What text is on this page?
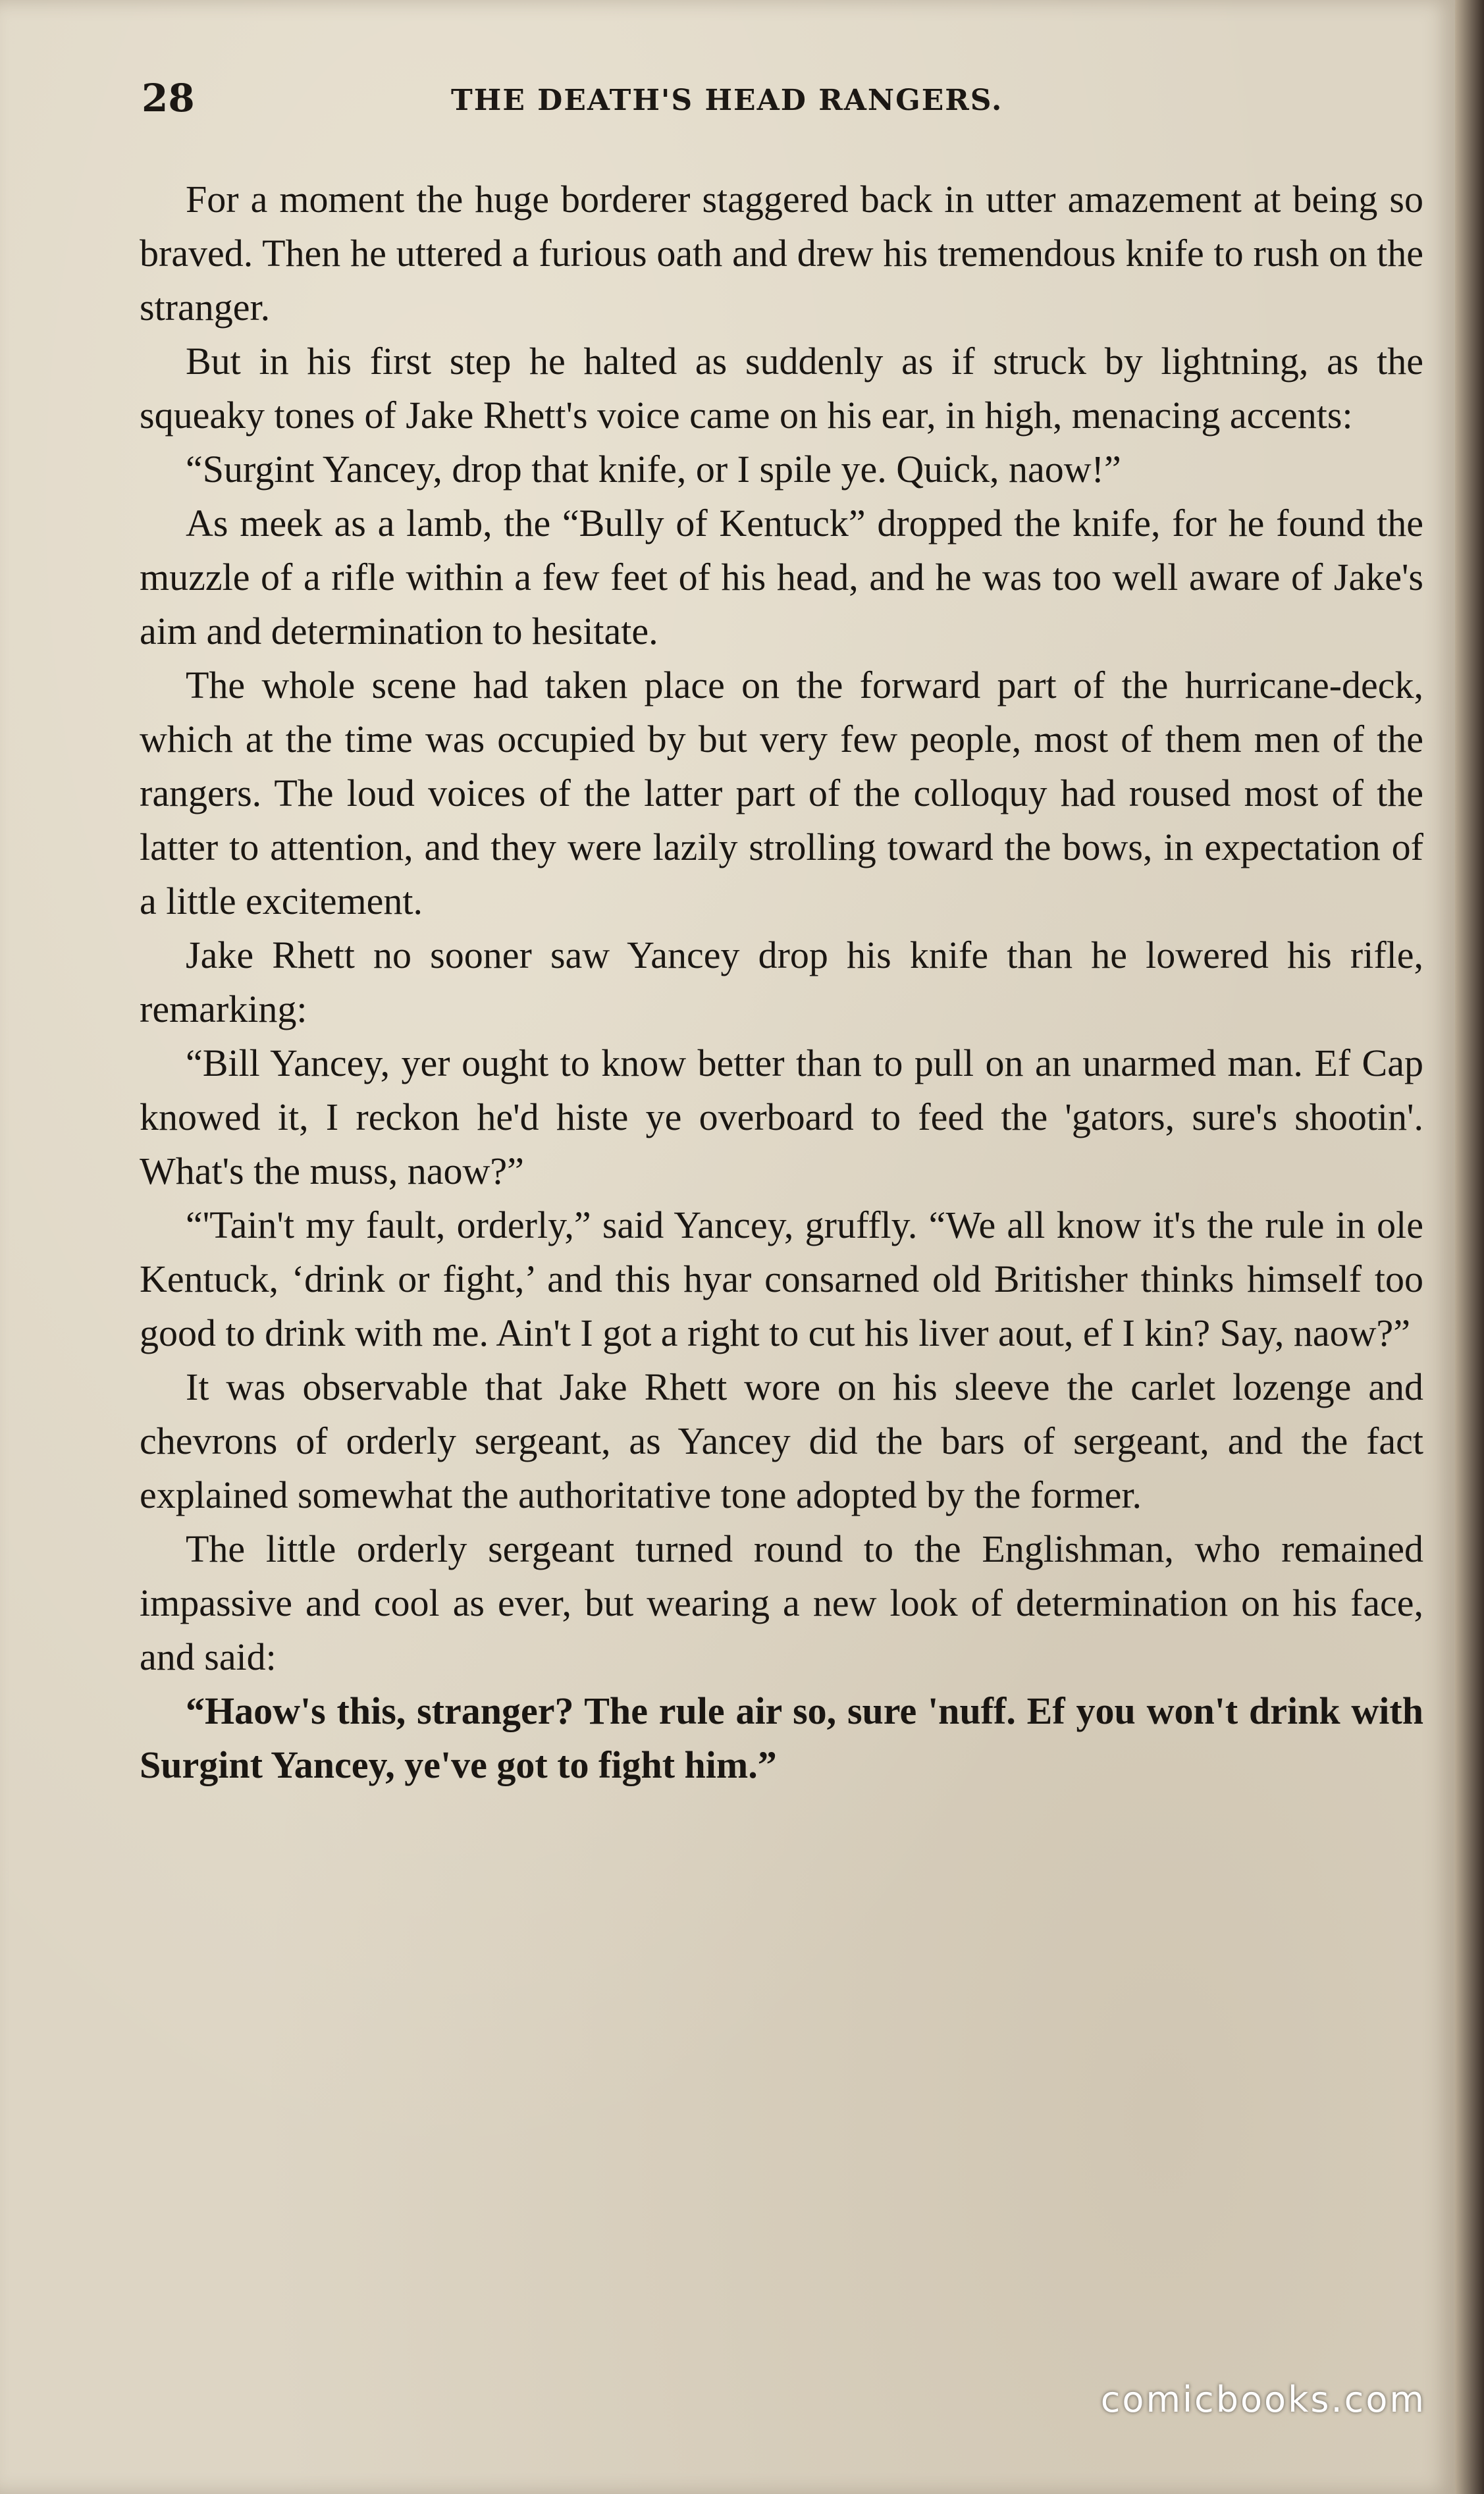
28	THE DEATH'S HEAD RANGERS.

For a moment the huge borderer staggered back in utter amazement at being so braved. Then he uttered a furious oath and drew his tremendous knife to rush on the stranger.

But in his first step he halted as suddenly as if struck by lightning, as the squeaky tones of Jake Rhett's voice came on his ear, in high, menacing accents:

“Surgint Yancey, drop that knife, or I spile ye. Quick, naow!”

As meek as a lamb, the “Bully of Kentuck” dropped the knife, for he found the muzzle of a rifle within a few feet of his head, and he was too well aware of Jake's aim and determination to hesitate.

The whole scene had taken place on the forward part of the hurricane-deck, which at the time was occupied by but very few people, most of them men of the rangers. The loud voices of the latter part of the colloquy had roused most of the latter to attention, and they were lazily strolling toward the bows, in expectation of a little excitement.

Jake Rhett no sooner saw Yancey drop his knife than he lowered his rifle, remarking:

“Bill Yancey, yer ought to know better than to pull on an unarmed man. Ef Cap knowed it, I reckon he'd histe ye overboard to feed the 'gators, sure's shootin'. What's the muss, naow?”

“'Tain't my fault, orderly,” said Yancey, gruffly. “We all know it's the rule in ole Kentuck, ‘drink or fight,’ and this hyar consarned old Britisher thinks himself too good to drink with me. Ain't I got a right to cut his liver aout, ef I kin? Say, naow?”

It was observable that Jake Rhett wore on his sleeve the carlet lozenge and chevrons of orderly sergeant, as Yancey did the bars of sergeant, and the fact explained somewhat the authoritative tone adopted by the former.

The little orderly sergeant turned round to the Englishman, who remained impassive and cool as ever, but wearing a new look of determination on his face, and said:

“Haow's this, stranger? The rule air so, sure 'nuff. Ef you won't drink with Surgint Yancey, ye've got to fight him.”

comicbooks.com
